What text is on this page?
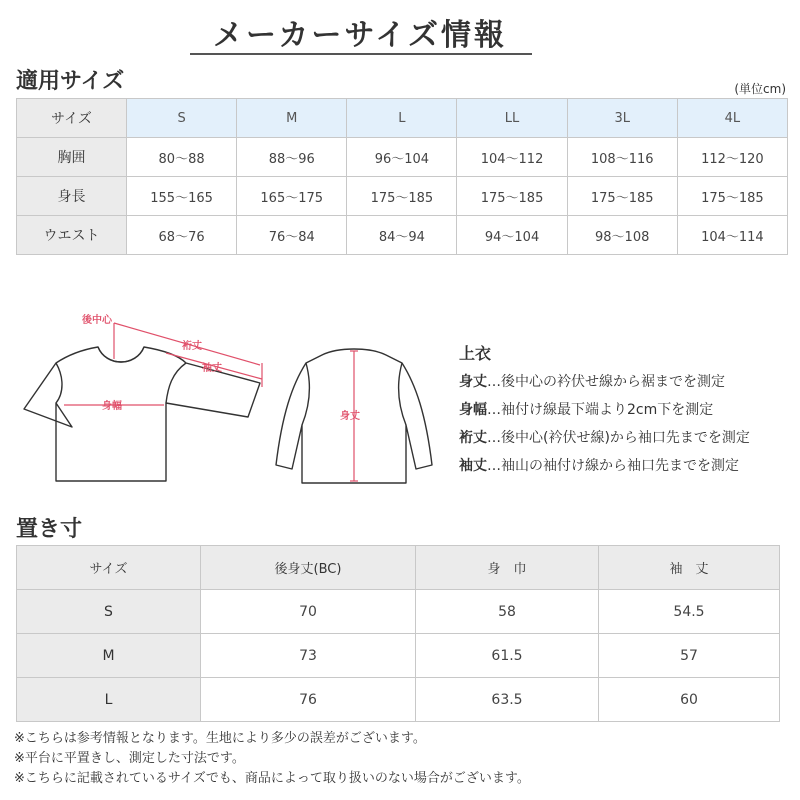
メーカーサイズ情報
適用サイズ	(単位cm)
サイズ	S	M	L	LL	3L	4L
胸囲	80〜88	88〜96	96〜104	104〜112	108〜116	112〜120
身長	155〜165	165〜175	175〜185	175〜185	175〜185	175〜185
ウエスト	68〜76	76〜84	84〜94	94〜104	98〜108	104〜114
後中心
裄丈
袖丈
身幅
身丈
上衣
身丈…後中心の衿伏せ線から裾までを測定
身幅…袖付け線最下端より2cm下を測定
裄丈…後中心(衿伏せ線)から袖口先までを測定
袖丈…袖山の袖付け線から袖口先までを測定
置き寸
サイズ	後身丈(BC)	身　巾	袖　丈
S	70	58	54.5
M	73	61.5	57
L	76	63.5	60
※こちらは参考情報となります。生地により多少の誤差がございます。
※平台に平置きし、測定した寸法です。
※こちらに記載されているサイズでも、商品によって取り扱いのない場合がございます。
